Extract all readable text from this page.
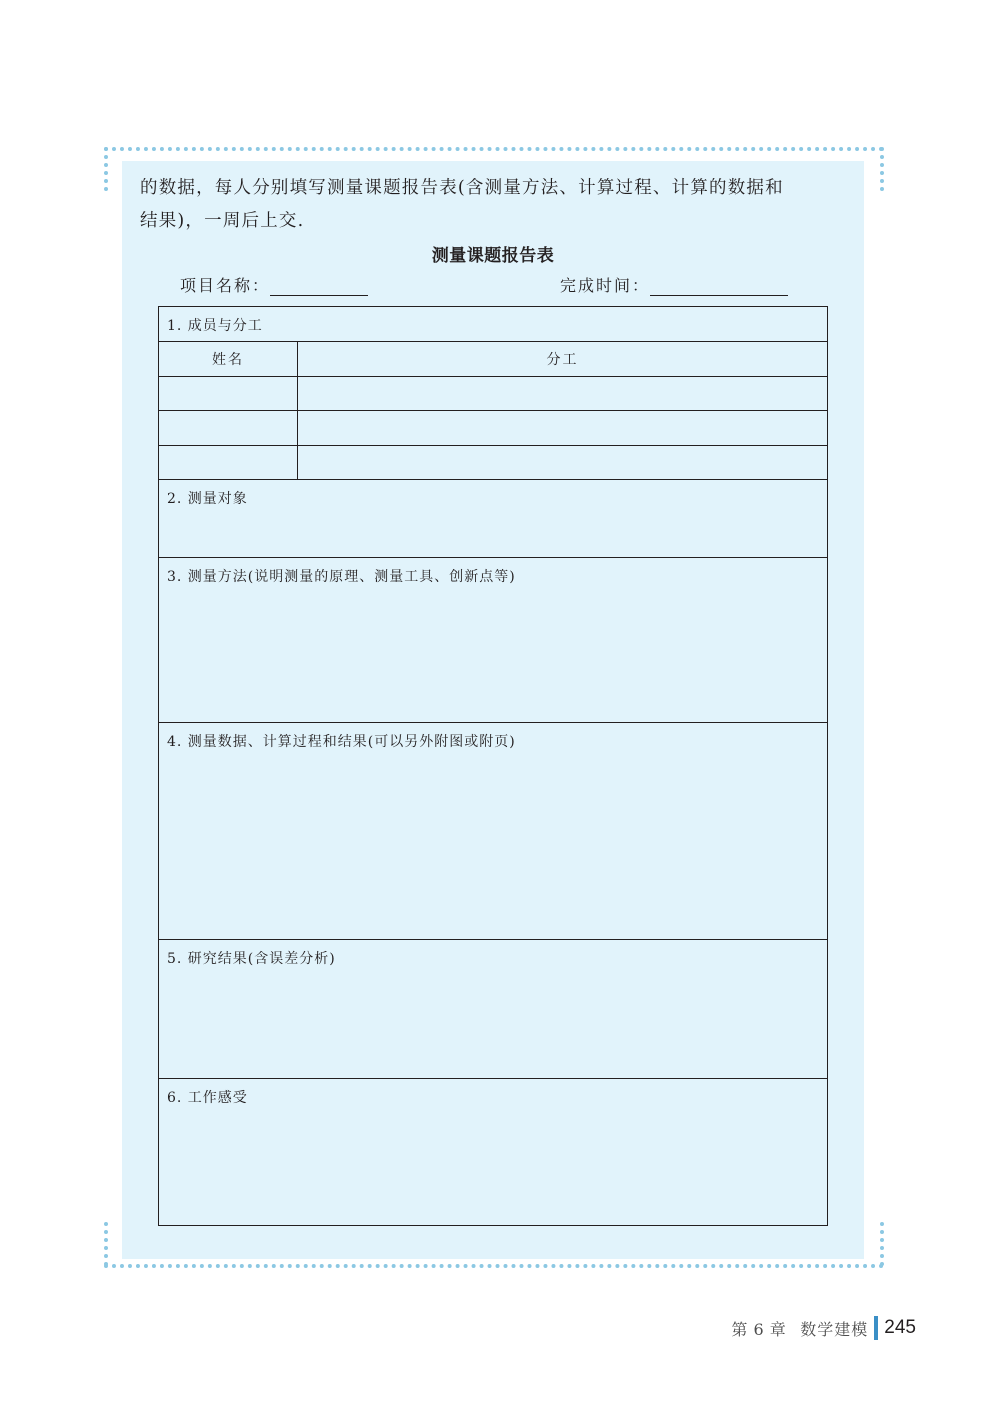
的数据，每人分别填写测量课题报告表(含测量方法、计算过程、计算的数据和
结果)，一周后上交.

测量课题报告表
项目名称：	完成时间：
1. 成员与分工
姓名	分工
2. 测量对象
3. 测量方法(说明测量的原理、测量工具、创新点等)
4. 测量数据、计算过程和结果(可以另外附图或附页)
5. 研究结果(含误差分析)
6. 工作感受
第 6 章 数学建模 245
